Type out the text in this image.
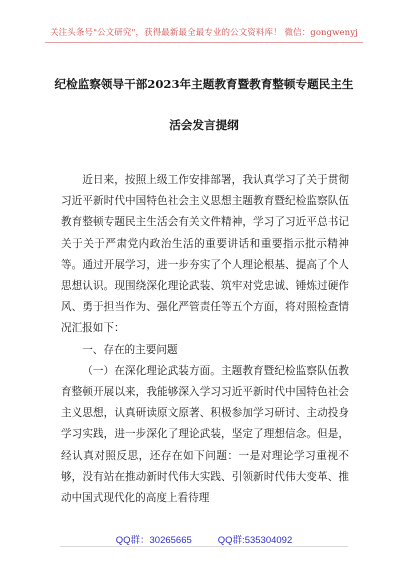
关注头条号"公文研究"，获得最新最全最专业的公文资料库！ 微信：gongwenyj
纪检监察领导干部2023年主题教育暨教育整顿专题民主生
活会发言提纲

近日来，按照上级工作安排部署，我认真学习了关于贯彻习近平新时代中国特色社会主义思想主题教育暨纪检监察队伍教育整顿专题民主生活会有关文件精神，学习了习近平总书记关于关于严肃党内政治生活的重要讲话和重要指示批示精神等。通过开展学习，进一步夯实了个人理论根基、提高了个人思想认识。现围绕深化理论武装、筑牢对党忠诚、锤炼过硬作风、勇于担当作为、强化严管责任等五个方面，将对照检查情况汇报如下：

一、存在的主要问题

（一）在深化理论武装方面。主题教育暨纪检监察队伍教育整顿开展以来，我能够深入学习习近平新时代中国特色社会主义思想，认真研读原文原著、积极参加学习研讨、主动投身学习实践，进一步深化了理论武装，坚定了理想信念。但是，经认真对照反思，还存在如下问题：一是对理论学习重视不够，没有站在推动新时代伟大实践、引领新时代伟大变革、推动中国式现代化的高度上看待理

QQ群：30265665	QQ群:535304092
